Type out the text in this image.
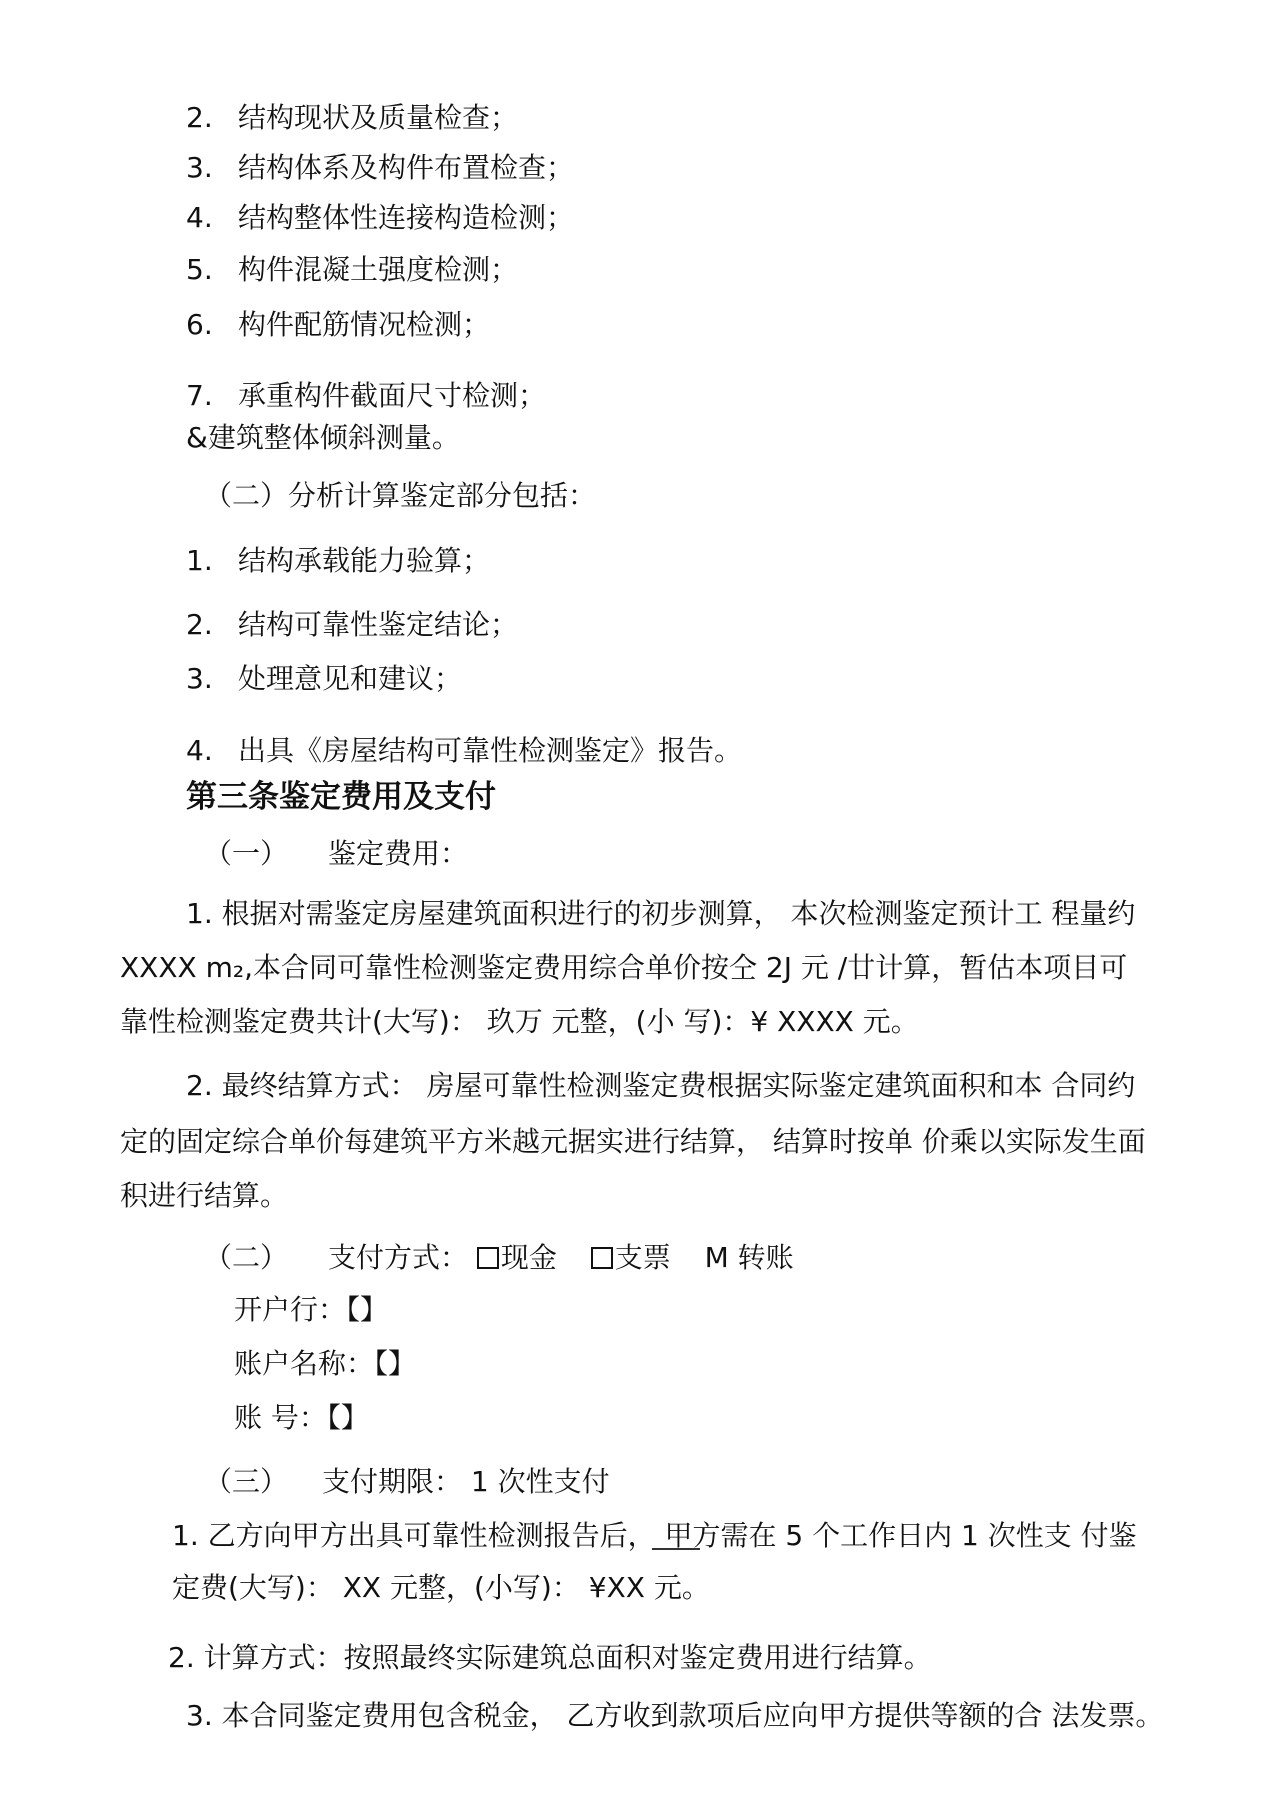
2. 结构现状及质量检查；
3. 结构体系及构件布置检查；
4. 结构整体性连接构造检测；
5. 构件混凝土强度检测；
6. 构件配筋情况检测；
7. 承重构件截面尺寸检测；
&建筑整体倾斜测量。
（二）分析计算鉴定部分包括：
1. 结构承载能力验算；
2. 结构可靠性鉴定结论；
3. 处理意见和建议；
4. 出具《房屋结构可靠性检测鉴定》报告。
第三条鉴定费用及支付
（一） 鉴定费用：
1. 根据对需鉴定房屋建筑面积进行的初步测算， 本次检测鉴定预计工 程量约
XXXX m₂,本合同可靠性检测鉴定费用综合单价按仝 2J 元 /廿计算，暂估本项目可
靠性检测鉴定费共计(大写)： 玖万 元整，(小 写)：¥ XXXX 元。
2. 最终结算方式： 房屋可靠性检测鉴定费根据实际鉴定建筑面积和本 合同约
定的固定综合单价每建筑平方米越元据实进行结算， 结算时按单 价乘以实际发生面
积进行结算。
（二） 支付方式： 现金 支票 M 转账
开户行：【】
账户名称：【】
账 号：【】
（三） 支付期限： 1 次性支付
1. 乙方向甲方出具可靠性检测报告后， 甲方需在 5 个工作日内 1 次性支 付鉴
定费(大写)： XX 元整，(小写)： ¥XX 元。
2. 计算方式：按照最终实际建筑总面积对鉴定费用进行结算。
3. 本合同鉴定费用包含税金， 乙方收到款项后应向甲方提供等额的合 法发票。
